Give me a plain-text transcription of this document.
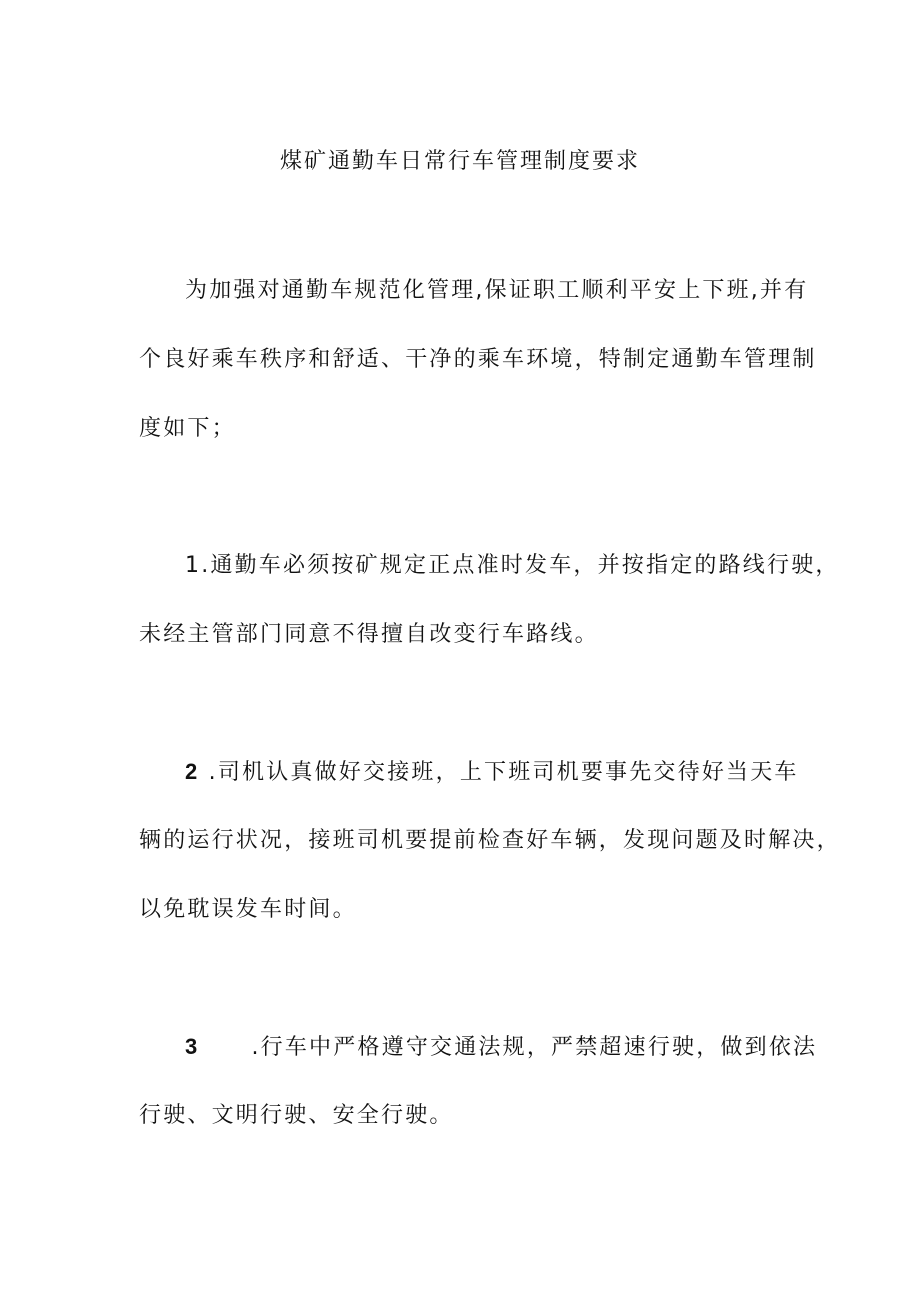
煤矿通勤车日常行车管理制度要求
为加强对通勤车规范化管理,保证职工顺利平安上下班,并有
个良好乘车秩序和舒适、干净的乘车环境，特制定通勤车管理制
度如下；
1.通勤车必须按矿规定正点准时发车，并按指定的路线行驶，
未经主管部门同意不得擅自改变行车路线。
2 .司机认真做好交接班，上下班司机要事先交待好当天车
辆的运行状况，接班司机要提前检查好车辆，发现问题及时解决，
以免耽误发车时间。
3 .行车中严格遵守交通法规，严禁超速行驶，做到依法
行驶、文明行驶、安全行驶。
